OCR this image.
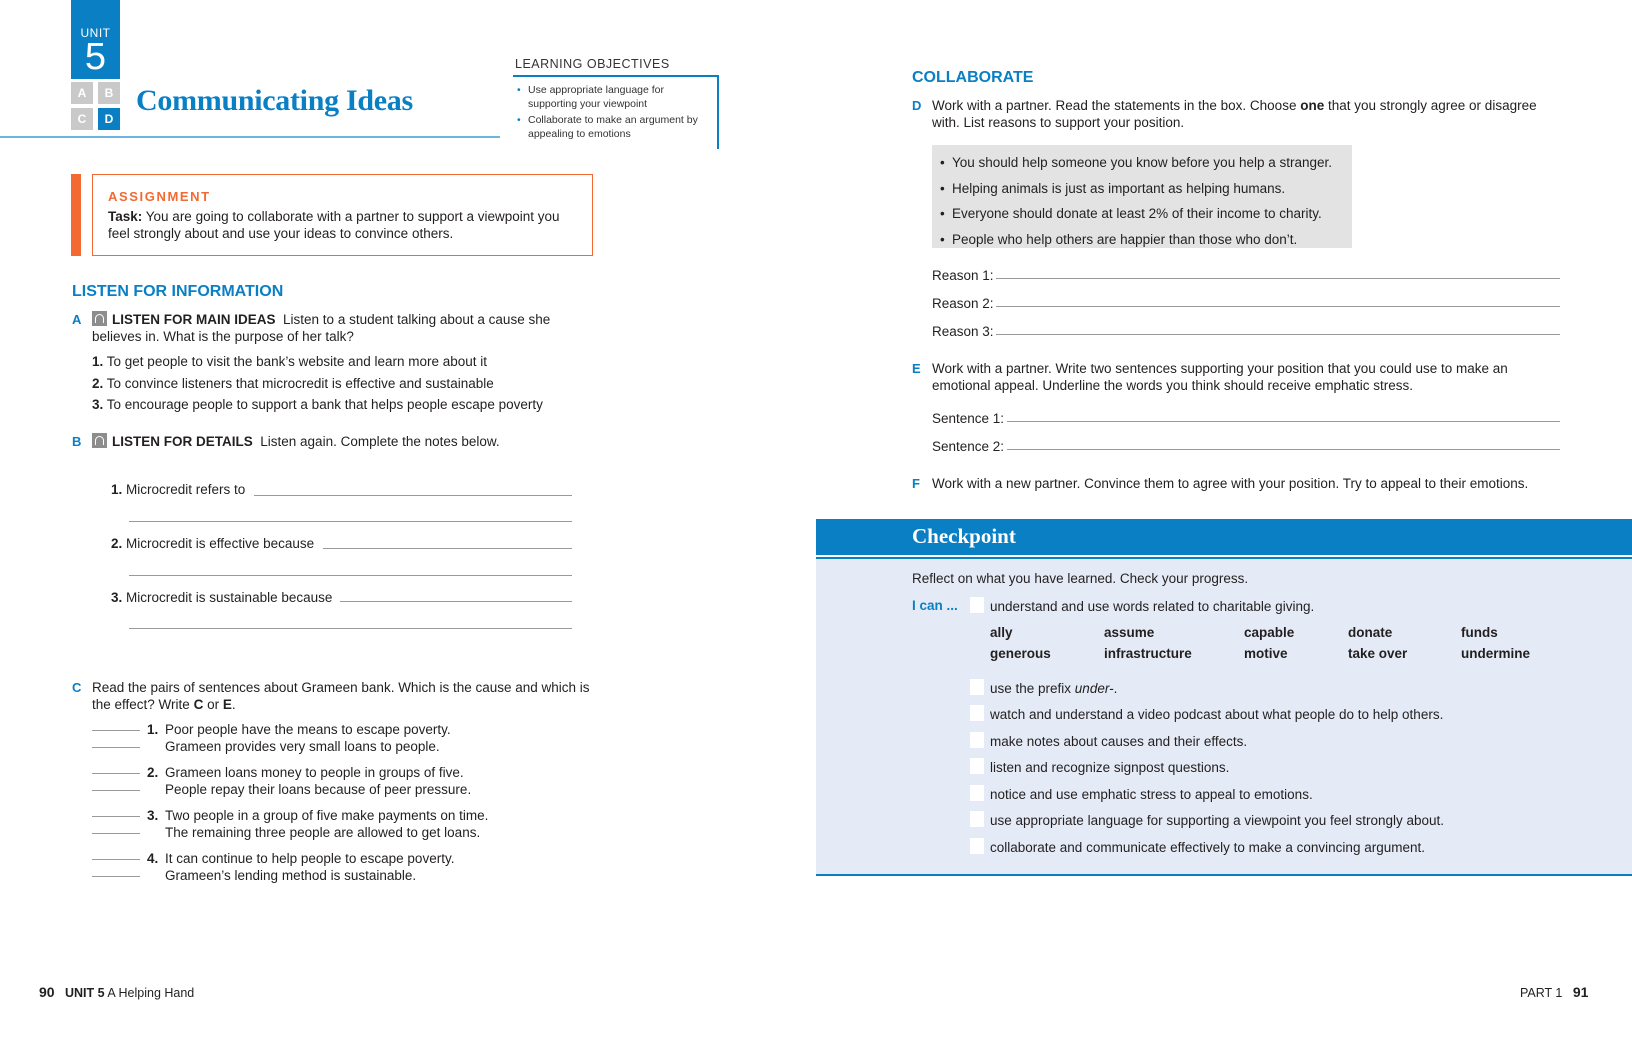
UNIT
5
A	B
C	D
Communicating Ideas
LEARNING OBJECTIVES
• Use appropriate language for supporting your viewpoint
• Collaborate to make an argument by appealing to emotions
ASSIGNMENT
Task: You are going to collaborate with a partner to support a viewpoint you feel strongly about and use your ideas to convince others.
LISTEN FOR INFORMATION
A	LISTEN FOR MAIN IDEAS Listen to a student talking about a cause she believes in. What is the purpose of her talk?
1. To get people to visit the bank’s website and learn more about it
2. To convince listeners that microcredit is effective and sustainable
3. To encourage people to support a bank that helps people escape poverty
B	LISTEN FOR DETAILS Listen again. Complete the notes below.
1. Microcredit refers to
2. Microcredit is effective because
3. Microcredit is sustainable because
C Read the pairs of sentences about Grameen bank. Which is the cause and which is the effect? Write C or E.
1. Poor people have the means to escape poverty.
Grameen provides very small loans to people.
2. Grameen loans money to people in groups of five.
People repay their loans because of peer pressure.
3. Two people in a group of five make payments on time.
The remaining three people are allowed to get loans.
4. It can continue to help people to escape poverty.
Grameen’s lending method is sustainable.
90 UNIT 5 A Helping Hand
COLLABORATE
D Work with a partner. Read the statements in the box. Choose one that you strongly agree or disagree with. List reasons to support your position.
• You should help someone you know before you help a stranger.
• Helping animals is just as important as helping humans.
• Everyone should donate at least 2% of their income to charity.
• People who help others are happier than those who don’t.
Reason 1:
Reason 2:
Reason 3:
E Work with a partner. Write two sentences supporting your position that you could use to make an emotional appeal. Underline the words you think should receive emphatic stress.
Sentence 1:
Sentence 2:
F Work with a new partner. Convince them to agree with your position. Try to appeal to their emotions.
Checkpoint
Reflect on what you have learned. Check your progress.
I can ... understand and use words related to charitable giving.
ally	assume	capable	donate	funds
generous	infrastructure	motive	take over	undermine
use the prefix under-.
watch and understand a video podcast about what people do to help others.
make notes about causes and their effects.
listen and recognize signpost questions.
notice and use emphatic stress to appeal to emotions.
use appropriate language for supporting a viewpoint you feel strongly about.
collaborate and communicate effectively to make a convincing argument.
PART 1 91
